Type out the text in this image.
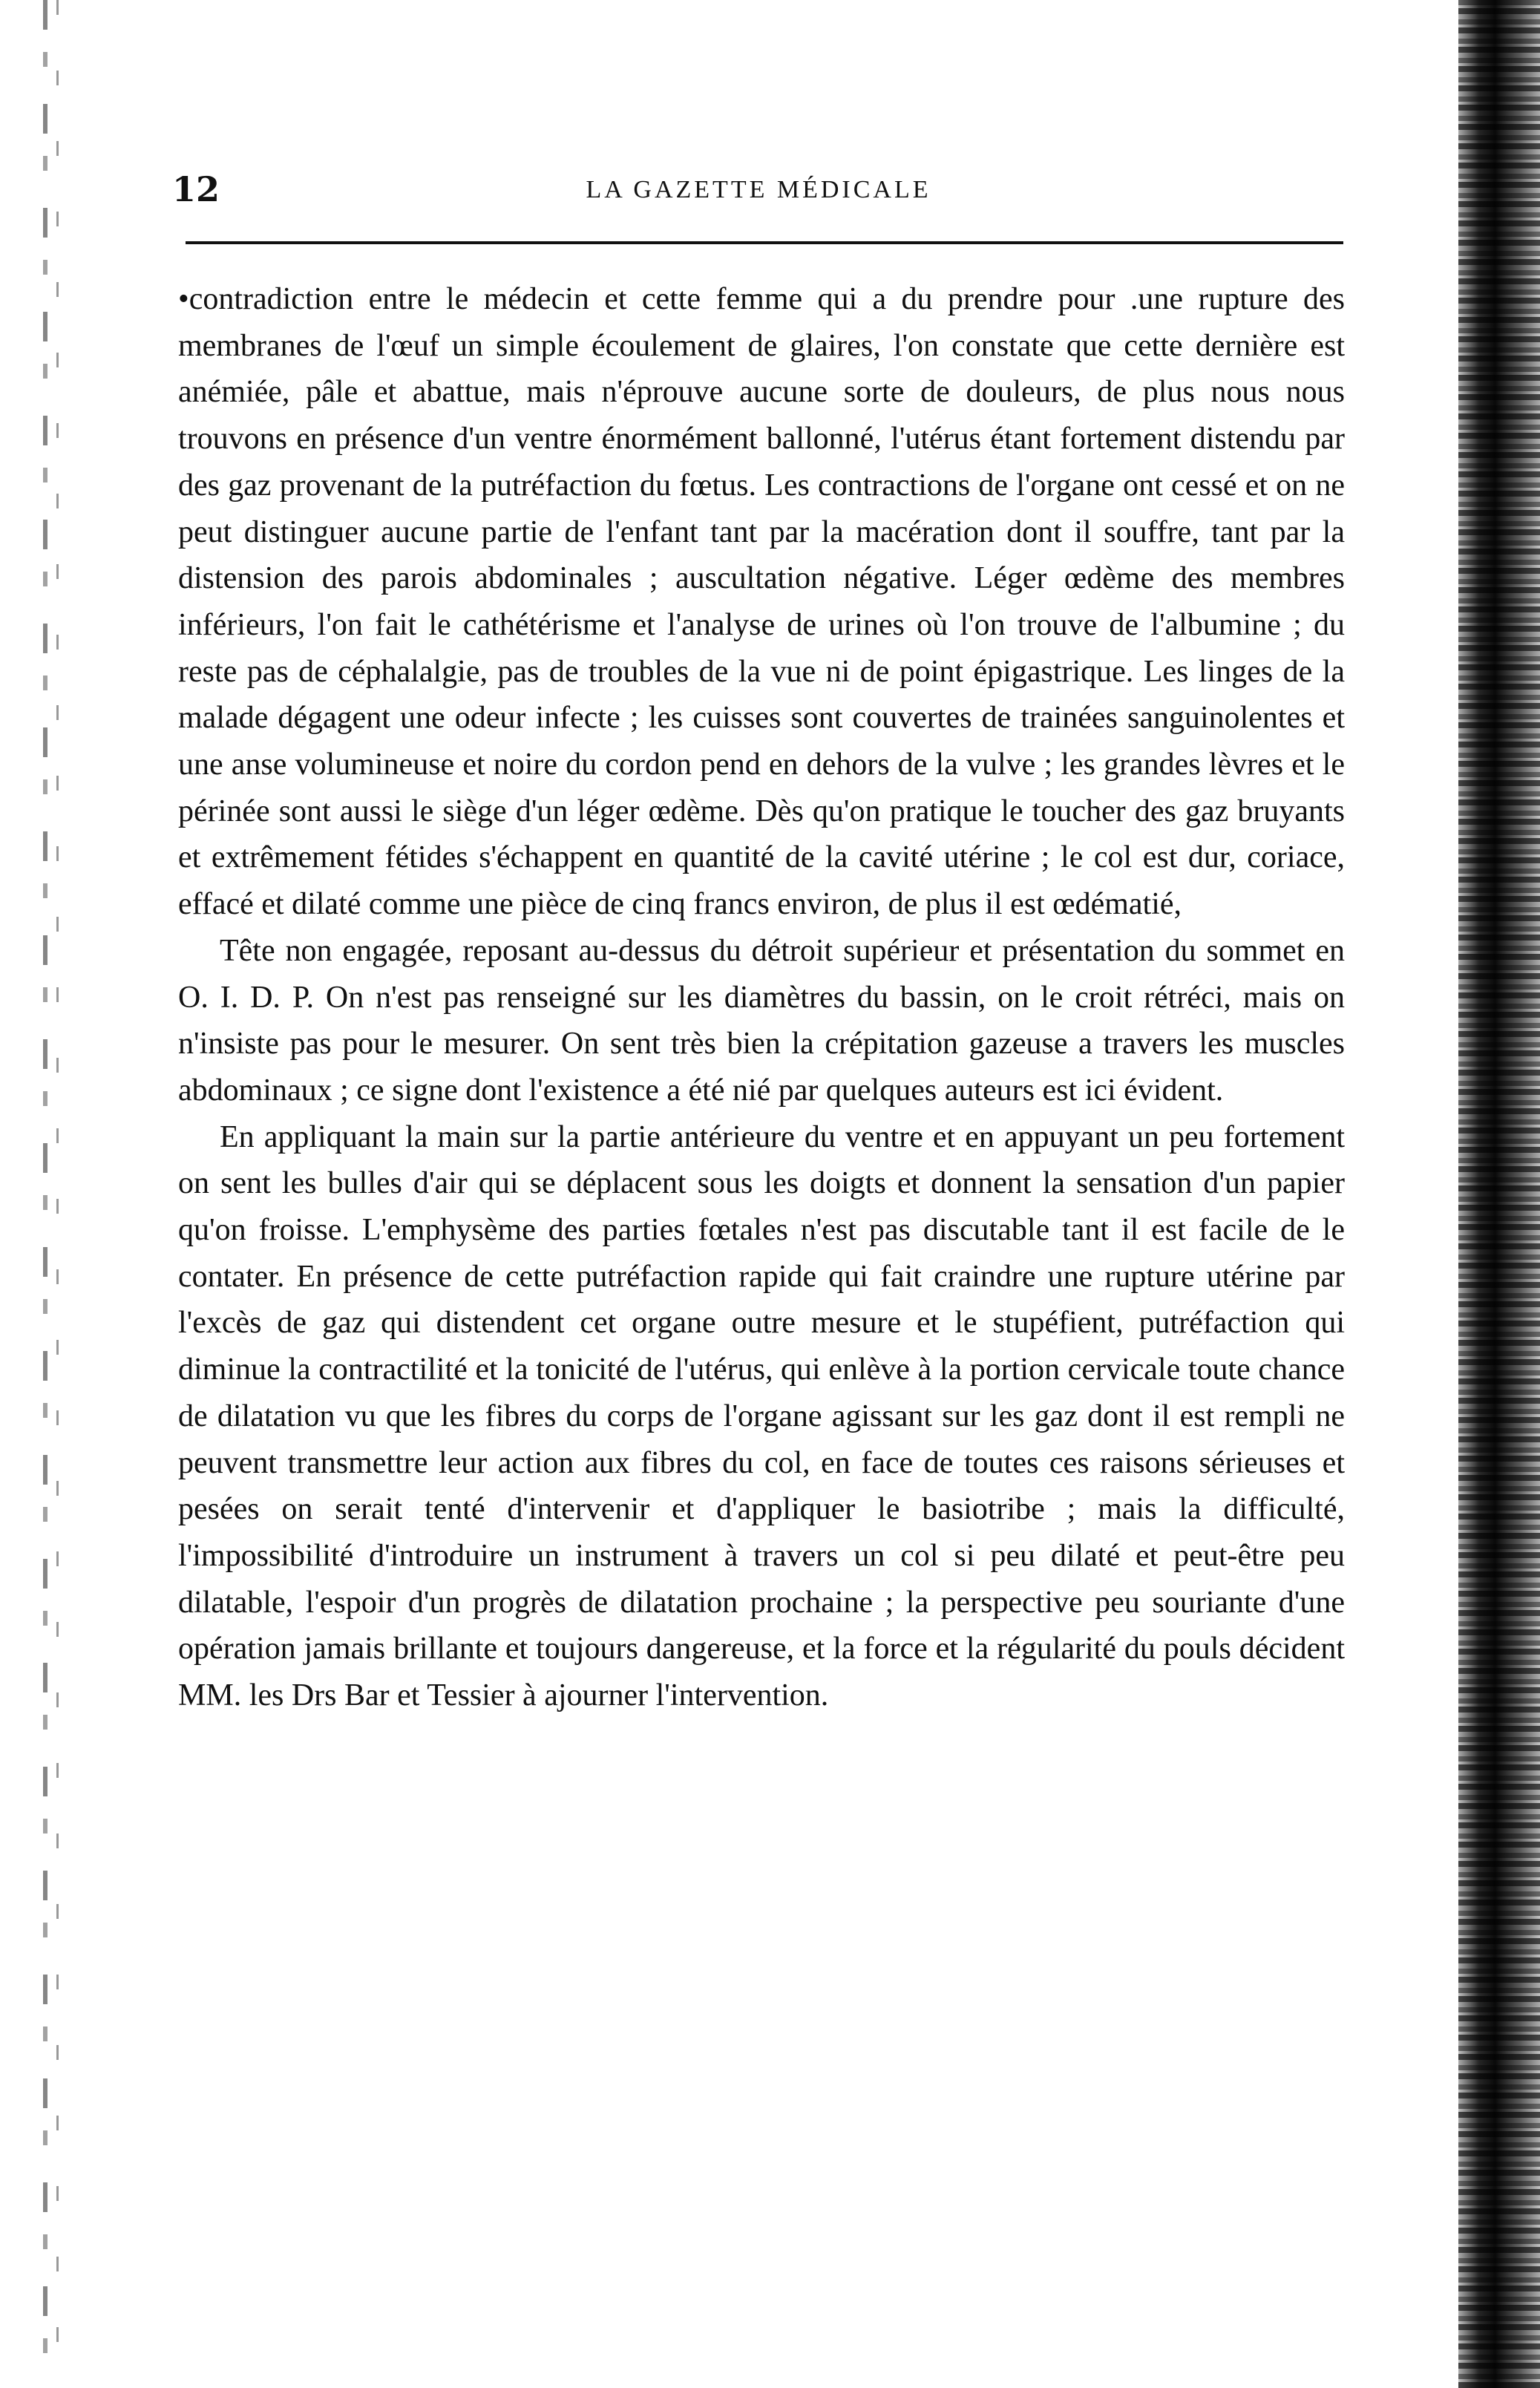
12	LA GAZETTE MÉDICALE

•contradiction entre le médecin et cette femme qui a du prendre pour .une rupture des membranes de l'œuf un simple écoulement de glaires, l'on constate que cette dernière est anémiée, pâle et abattue, mais n'éprouve aucune sorte de douleurs, de plus nous nous trouvons en présence d'un ventre énormément ballonné, l'utérus étant fortement distendu par des gaz provenant de la putréfaction du fœtus. Les contractions de l'organe ont cessé et on ne peut distinguer aucune partie de l'enfant tant par la macération dont il souffre, tant par la distension des parois abdominales ; auscultation négative. Léger œdème des membres inférieurs, l'on fait le cathétérisme et l'analyse de urines où l'on trouve de l'albumine ; du reste pas de céphalalgie, pas de troubles de la vue ni de point épigastrique. Les linges de la malade dégagent une odeur infecte ; les cuisses sont couvertes de trainées sanguinolentes et une anse volumineuse et noire du cordon pend en dehors de la vulve ; les grandes lèvres et le périnée sont aussi le siège d'un léger œdème. Dès qu'on pratique le toucher des gaz bruyants et extrêmement fétides s'échappent en quantité de la cavité utérine ; le col est dur, coriace, effacé et dilaté comme une pièce de cinq francs environ, de plus il est œdématié,

Tête non engagée, reposant au-dessus du détroit supérieur et présentation du sommet en O. I. D. P. On n'est pas renseigné sur les diamètres du bassin, on le croit rétréci, mais on n'insiste pas pour le mesurer. On sent très bien la crépitation gazeuse a travers les muscles abdominaux ; ce signe dont l'existence a été nié par quelques auteurs est ici évident.

En appliquant la main sur la partie antérieure du ventre et en appuyant un peu fortement on sent les bulles d'air qui se déplacent sous les doigts et donnent la sensation d'un papier qu'on froisse. L'emphysème des parties fœtales n'est pas discutable tant il est facile de le contater. En présence de cette putréfaction rapide qui fait craindre une rupture utérine par l'excès de gaz qui distendent cet organe outre mesure et le stupéfient, putréfaction qui diminue la contractilité et la tonicité de l'utérus, qui enlève à la portion cervicale toute chance de dilatation vu que les fibres du corps de l'organe agissant sur les gaz dont il est rempli ne peuvent transmettre leur action aux fibres du col, en face de toutes ces raisons sérieuses et pesées on serait tenté d'intervenir et d'appliquer le basiotribe ; mais la difficulté, l'impossibilité d'introduire un instrument à travers un col si peu dilaté et peut-être peu dilatable, l'espoir d'un progrès de dilatation prochaine ; la perspective peu souriante d'une opération jamais brillante et toujours dangereuse, et la force et la régularité du pouls décident MM. les Drs Bar et Tessier à ajourner l'intervention.
